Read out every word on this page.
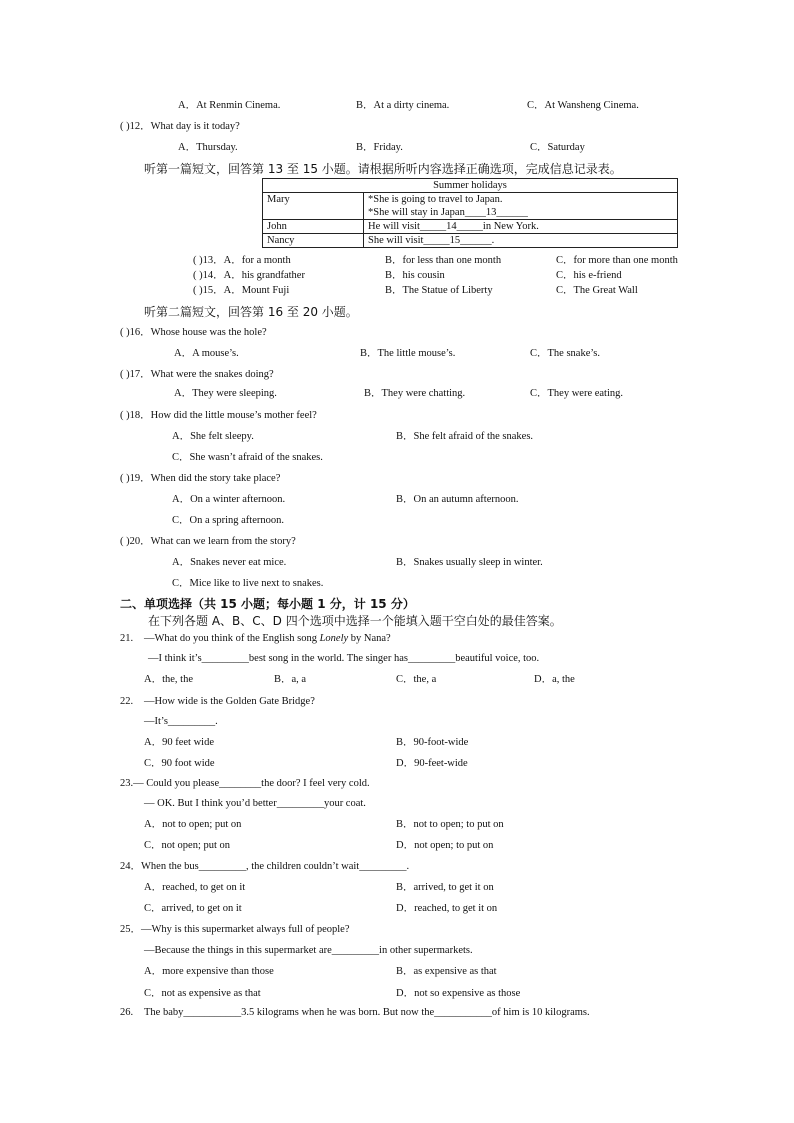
A．At Renmin Cinema.	B．At a dirty cinema.	C．At Wansheng Cinema.
( )12．What day is it today?
A．Thursday.	B．Friday.	C．Saturday
听第一篇短文，回答第 13 至 15 小题。请根据所听内容选择正确选项，完成信息记录表。
Summer holidays	
Mary	*She is going to travel to Japan.
*She will stay in Japan____13______

John	He will visit_____14_____in New York.
Nancy	She will visit_____15______.
( )13．A．for a month	B．for less than one month	C．for more than one month
( )14．A．his grandfather	B．his cousin	C．his e-friend
( )15．A．Mount Fuji	B．The Statue of Liberty	C．The Great Wall
听第二篇短文，回答第 16 至 20 小题。
( )16．Whose house was the hole?
A．A mouse’s.	B．The little mouse’s.	C．The snake’s.
( )17．What were the snakes doing?
A．They were sleeping.	B．They were chatting.	C．They were eating.
( )18．How did the little mouse’s mother feel?
A．She felt sleepy.	B．She felt afraid of the snakes.
C．She wasn’t afraid of the snakes.
( )19．When did the story take place?
A．On a winter afternoon.	B．On an autumn afternoon.
C．On a spring afternoon.
( )20．What can we learn from the story?
A．Snakes never eat mice.	B．Snakes usually sleep in winter.
C．Mice like to live next to snakes.
二、单项选择（共 15 小题；每小题 1 分，计 15 分）
在下列各题 A、B、C、D 四个选项中选择一个能填入题干空白处的最佳答案。
21. —What do you think of the English song Lonely by Nana?
—I think it’s_________best song in the world. The singer has_________beautiful voice, too.
A．the, the	B．a, a	C．the, a	D．a, the
22. —How wide is the Golden Gate Bridge?
—It’s_________.
A．90 feet wide	B．90-foot-wide
C．90 foot wide	D．90-feet-wide
23.— Could you please________the door? I feel very cold.
— OK. But I think you’d better_________your coat.
A．not to open; put on	B．not to open; to put on
C．not open; put on	D．not open; to put on
24．When the bus_________, the children couldn’t wait_________.
A．reached, to get on it	B．arrived, to get it on
C．arrived, to get on it	D．reached, to get it on
25．—Why is this supermarket always full of people?
—Because the things in this supermarket are_________in other supermarkets.
A．more expensive than those	B．as expensive as that
C．not as expensive as that	D．not so expensive as those
26. The baby___________3.5 kilograms when he was born. But now the___________of him is 10 kilograms.
